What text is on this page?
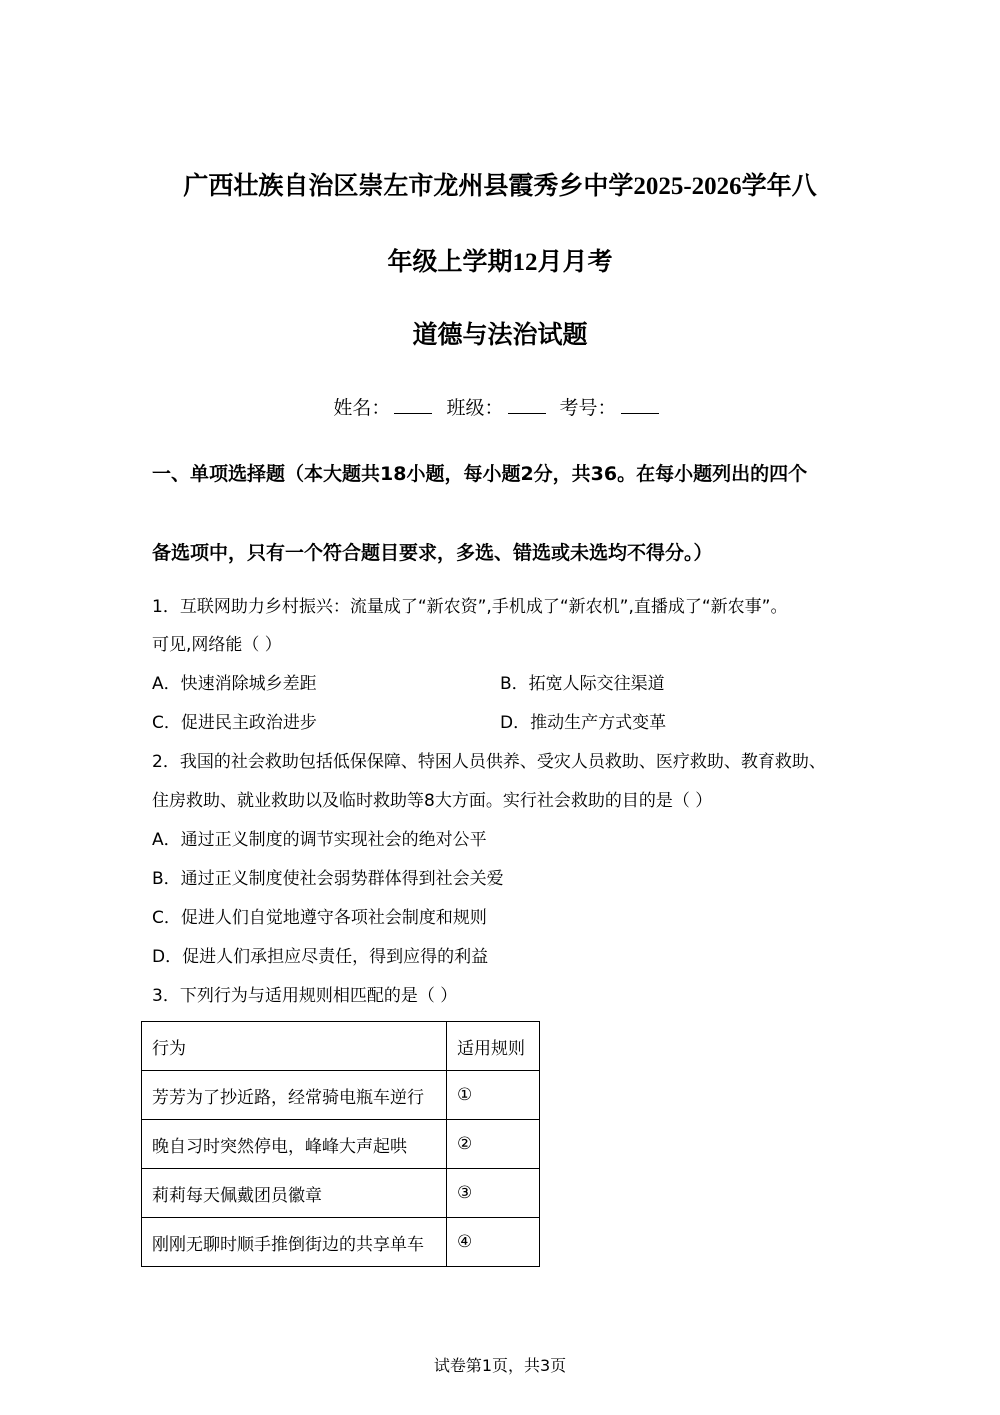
广西壮族自治区崇左市龙州县霞秀乡中学2025-2026学年八
年级上学期12月月考
道德与法治试题
姓名：	班级：	考号：
一、单项选择题（本大题共18小题，每小题2分，共36。在每小题列出的四个
备选项中，只有一个符合题目要求，多选、错选或未选均不得分。）
1．互联网助力乡村振兴：流量成了“新农资”,手机成了“新农机”,直播成了“新农事”。
可见,网络能（ ）
A．快速消除城乡差距	B．拓宽人际交往渠道
C．促进民主政治进步	D．推动生产方式变革
2．我国的社会救助包括低保保障、特困人员供养、受灾人员救助、医疗救助、教育救助、
住房救助、就业救助以及临时救助等8大方面。实行社会救助的目的是（ ）
A．通过正义制度的调节实现社会的绝对公平
B．通过正义制度使社会弱势群体得到社会关爱
C．促进人们自觉地遵守各项社会制度和规则
D．促进人们承担应尽责任，得到应得的利益
3．下列行为与适用规则相匹配的是（ ）
行为	适用规则
芳芳为了抄近路，经常骑电瓶车逆行	①
晚自习时突然停电，峰峰大声起哄	②
莉莉每天佩戴团员徽章	③
刚刚无聊时顺手推倒街边的共享单车	④
试卷第1页，共3页
